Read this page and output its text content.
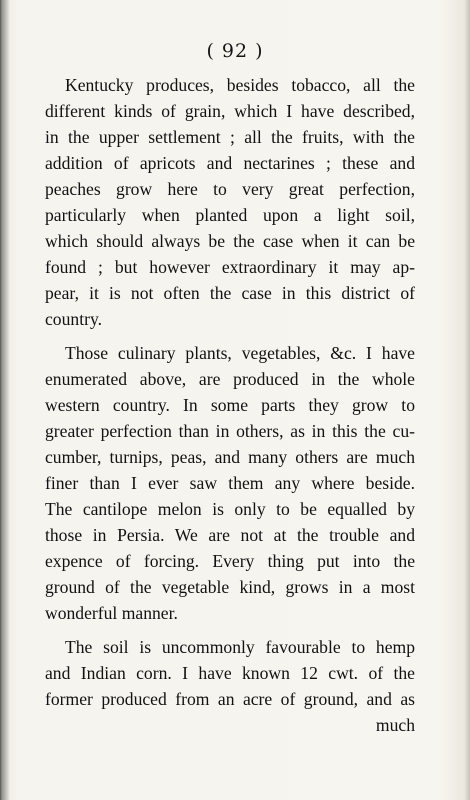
( 92 )
Kentucky produces, besides tobacco, all the
different kinds of grain, which I have described,
in the upper settlement ; all the fruits, with the
addition of apricots and nectarines ; these and
peaches grow here to very great perfection,
particularly when planted upon a light soil,
which should always be the case when it can be
found ; but however extraordinary it may ap-
pear, it is not often the case in this district of
country.
Those culinary plants, vegetables, &c. I have
enumerated above, are produced in the whole
western country. In some parts they grow to
greater perfection than in others, as in this the cu-
cumber, turnips, peas, and many others are much
finer than I ever saw them any where beside.
The cantilope melon is only to be equalled by
those in Persia. We are not at the trouble and
expence of forcing. Every thing put into the
ground of the vegetable kind, grows in a most
wonderful manner.
The soil is uncommonly favourable to hemp
and Indian corn. I have known 12 cwt. of the
former produced from an acre of ground, and as
much
